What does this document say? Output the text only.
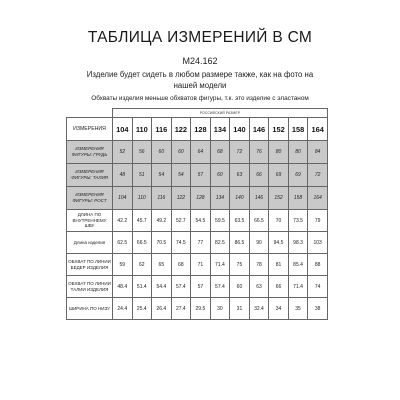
ТАБЛИЦА ИЗМЕРЕНИЙ В СМ
М24.162
Изделие будет сидеть в любом размере также, как на фото на нашей модели
Обхваты изделия меньше обхватов фигуры, т.к. это изделие с эластаном
	РОССИЙСКИЙ РАЗМЕР										
ИЗМЕРЕНИЯ	104	110	116	122	128	134	140	146	152	158	164
ИЗМЕРЕНИЯ ФИГУРЫ: ГРУДЬ	52	56	60	60	64	68	72	76	80	80	84
ИЗМЕРЕНИЯ ФИГУРЫ: ТАЛИЯ	48	51	54	54	57	60	63	66	69	69	72
ИЗМЕРЕНИЯ ФИГУРЫ: РОСТ	104	110	116	122	128	134	140	146	152	158	164
ДЛИНА ПО ВНУТРЕННЕМУ ШВУ	42.2	45.7	49.2	52.7	54.5	59.5	63.5	66.5	70	73.5	79
Длина изделия	62.5	66.5	70.5	74.5	77	82.5	86.5	90	94.5	98.3	103
ОБХВАТ ПО ЛИНИИ БЕДЕР ИЗДЕЛИЯ	59	62	65	68	71	71.4	75	78	81	85.4	88
ОБХВАТ ПО ЛИНИИ ТАЛИИ ИЗДЕЛИЯ	48.4	51.4	54.4	57.4	57	57.4	60	63	66	71.4	74
ШИРИНА ПО НИЗУ	24.4	25.4	26.4	27.4	29.5	30	31	32.4	34	35	38
